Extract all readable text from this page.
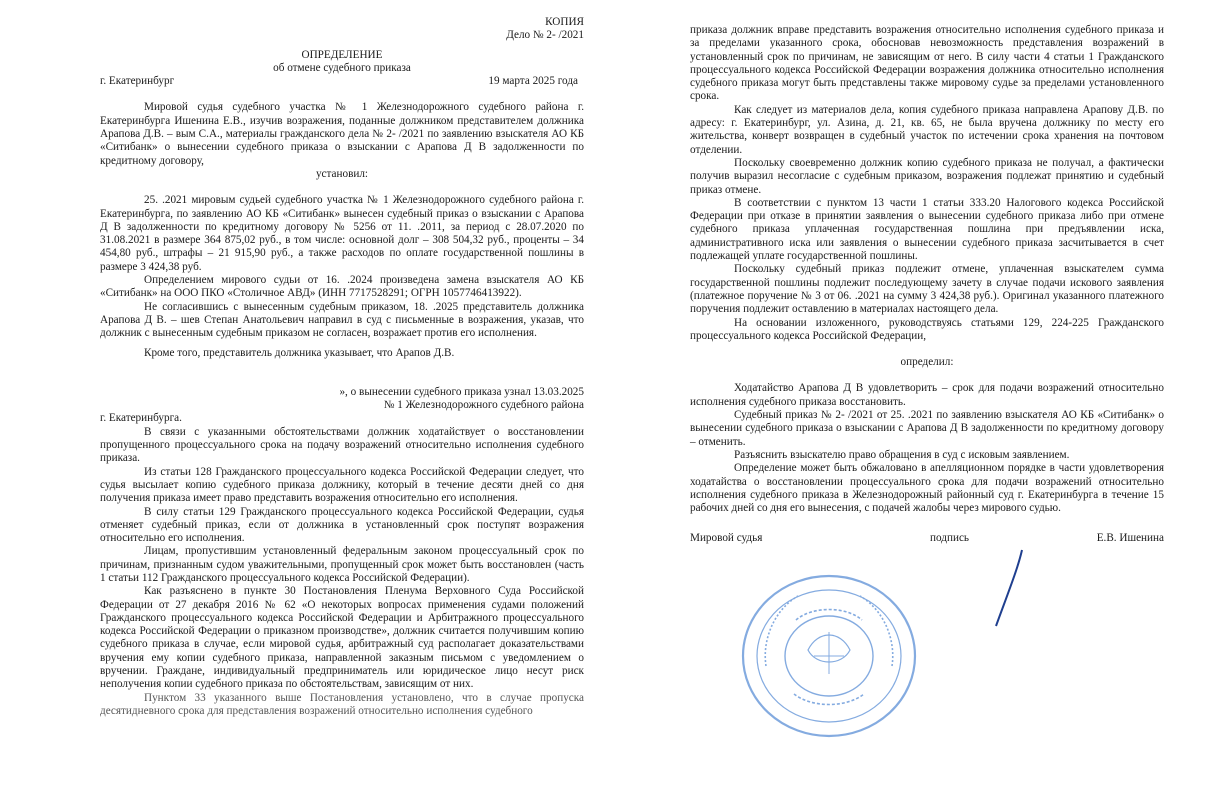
КОПИЯ

Дело № 2- /2021

ОПРЕДЕЛЕНИЕ

об отмене судебного приказа

г. Екатеринбург	19 марта 2025 года

Мировой судья судебного участка № 1 Железнодорожного судебного района г. Екатеринбурга Ишенина Е.В., изучив возражения, поданные должником представителем должника Арапова Д.В. – вым С.А., материалы гражданского дела № 2- /2021 по заявлению взыскателя АО КБ «Ситибанк» о вынесении судебного приказа о взыскании с Арапова Д В задолженности по кредитному договору,

установил:

25. .2021 мировым судьей судебного участка № 1 Железнодорожного судебного района г. Екатеринбурга, по заявлению АО КБ «Ситибанк» вынесен судебный приказ о взыскании с Арапова Д В задолженности по кредитному договору № 5256 от 11. .2011, за период с 28.07.2020 по 31.08.2021 в размере 364 875,02 руб., в том числе: основной долг – 308 504,32 руб., проценты – 34 454,80 руб., штрафы – 21 915,90 руб., а также расходов по оплате государственной пошлины в размере 3 424,38 руб.

Определением мирового судьи от 16. .2024 произведена замена взыскателя АО КБ «Ситибанк» на ООО ПКО «Столичное АВД» (ИНН 7717528291; ОГРН 1057746413922).

Не согласившись с вынесенным судебным приказом, 18. .2025 представитель должника Арапова Д В. – шев Степан Анатольевич направил в суд с письменные в возражения, указав, что должник с вынесенным судебным приказом не согласен, возражает против его исполнения.

Кроме того, представитель должника указывает, что Арапов Д.В.

», о вынесении судебного приказа узнал 13.03.2025

№ 1 Железнодорожного судебного района

г. Екатеринбурга.

В связи с указанными обстоятельствами должник ходатайствует о восстановлении пропущенного процессуального срока на подачу возражений относительно исполнения судебного приказа.

Из статьи 128 Гражданского процессуального кодекса Российской Федерации следует, что судья высылает копию судебного приказа должнику, который в течение десяти дней со дня получения приказа имеет право представить возражения относительно его исполнения.

В силу статьи 129 Гражданского процессуального кодекса Российской Федерации, судья отменяет судебный приказ, если от должника в установленный срок поступят возражения относительно его исполнения.

Лицам, пропустившим установленный федеральным законом процессуальный срок по причинам, признанным судом уважительными, пропущенный срок может быть восстановлен (часть 1 статьи 112 Гражданского процессуального кодекса Российской Федерации).

Как разъяснено в пункте 30 Постановления Пленума Верховного Суда Российской Федерации от 27 декабря 2016 № 62 «О некоторых вопросах применения судами положений Гражданского процессуального кодекса Российской Федерации и Арбитражного процессуального кодекса Российской Федерации о приказном производстве», должник считается получившим копию судебного приказа в случае, если мировой судья, арбитражный суд располагает доказательствами вручения ему копии судебного приказа, направленной заказным письмом с уведомлением о вручении. Граждане, индивидуальный предприниматель или юридическое лицо несут риск неполучения копии судебного приказа по обстоятельствам, зависящим от них.

Пунктом 33 указанного выше Постановления установлено, что в случае пропуска десятидневного срока для представления возражений относительно исполнения судебного

приказа должник вправе представить возражения относительно исполнения судебного приказа и за пределами указанного срока, обосновав невозможность представления возражений в установленный срок по причинам, не зависящим от него. В силу части 4 статьи 1 Гражданского процессуального кодекса Российской Федерации возражения должника относительно исполнения судебного приказа могут быть представлены также мировому судье за пределами установленного срока.

Как следует из материалов дела, копия судебного приказа направлена Арапову Д.В. по адресу: г. Екатеринбург, ул. Азина, д. 21, кв. 65, не была вручена должнику по месту его жительства, конверт возвращен в судебный участок по истечении срока хранения на почтовом отделении.

Поскольку своевременно должник копию судебного приказа не получал, а фактически получив выразил несогласие с судебным приказом, возражения подлежат принятию и судебный приказ отмене.

В соответствии с пунктом 13 части 1 статьи 333.20 Налогового кодекса Российской Федерации при отказе в принятии заявления о вынесении судебного приказа либо при отмене судебного приказа уплаченная государственная пошлина при предъявлении иска, административного иска или заявления о вынесении судебного приказа засчитывается в счет подлежащей уплате государственной пошлины.

Поскольку судебный приказ подлежит отмене, уплаченная взыскателем сумма государственной пошлины подлежит последующему зачету в случае подачи искового заявления (платежное поручение № 3 от 06. .2021 на сумму 3 424,38 руб.). Оригинал указанного платежного поручения подлежит оставлению в материалах настоящего дела.

На основании изложенного, руководствуясь статьями 129, 224-225 Гражданского процессуального кодекса Российской Федерации,

определил:

Ходатайство Арапова Д В удовлетворить – срок для подачи возражений относительно исполнения судебного приказа восстановить.

Судебный приказ № 2- /2021 от 25. .2021 по заявлению взыскателя АО КБ «Ситибанк» о вынесении судебного приказа о взыскании с Арапова Д В задолженности по кредитному договору – отменить.

Разъяснить взыскателю право обращения в суд с исковым заявлением.

Определение может быть обжаловано в апелляционном порядке в части удовлетворения ходатайства о восстановлении процессуального срока для подачи возражений относительно исполнения судебного приказа в Железнодорожный районный суд г. Екатеринбурга в течение 15 рабочих дней со дня его вынесения, с подачей жалобы через мирового судью.

Мировой судья	подпись	Е.В. Ишенина
